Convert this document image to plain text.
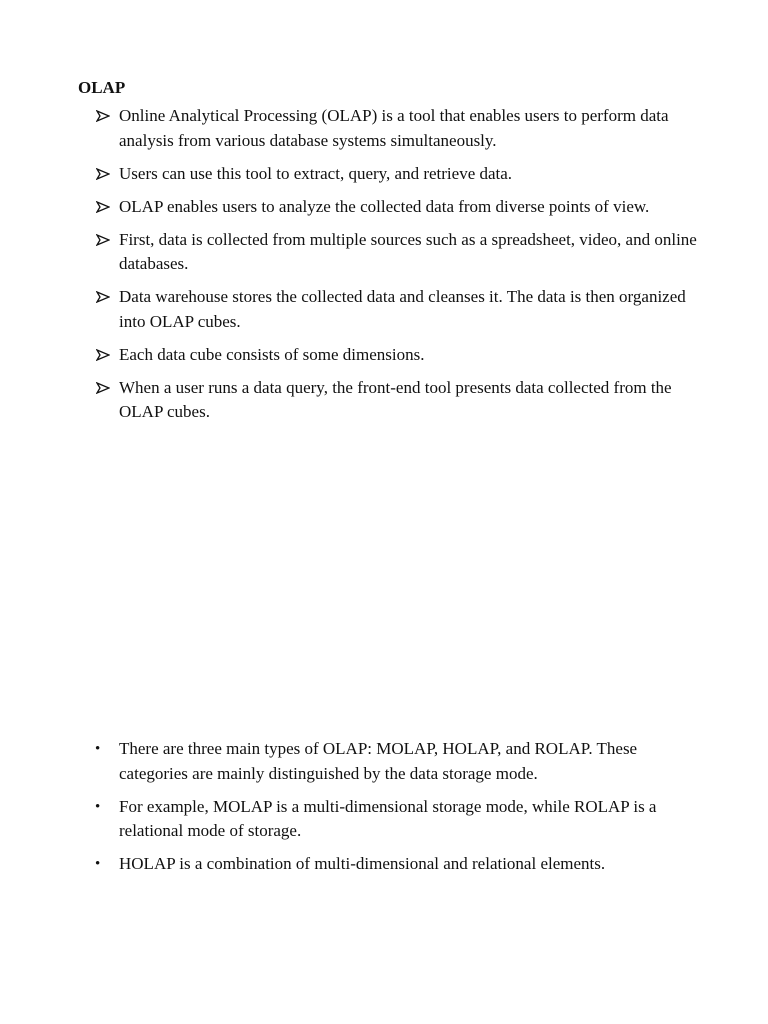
OLAP
Online Analytical Processing (OLAP) is a tool that enables users to perform data analysis from various database systems simultaneously.
Users can use this tool to extract, query, and retrieve data.
OLAP enables users to analyze the collected data from diverse points of view.
First, data is collected from multiple sources such as a spreadsheet, video, and online databases.
Data warehouse stores the collected data and cleanses it. The data is then organized into OLAP cubes.
Each data cube consists of some dimensions.
When a user runs a data query, the front-end tool presents data collected from the OLAP cubes.
• There are three main types of OLAP: MOLAP, HOLAP, and ROLAP. These categories are mainly distinguished by the data storage mode.
• For example, MOLAP is a multi-dimensional storage mode, while ROLAP is a relational mode of storage.
• HOLAP is a combination of multi-dimensional and relational elements.
